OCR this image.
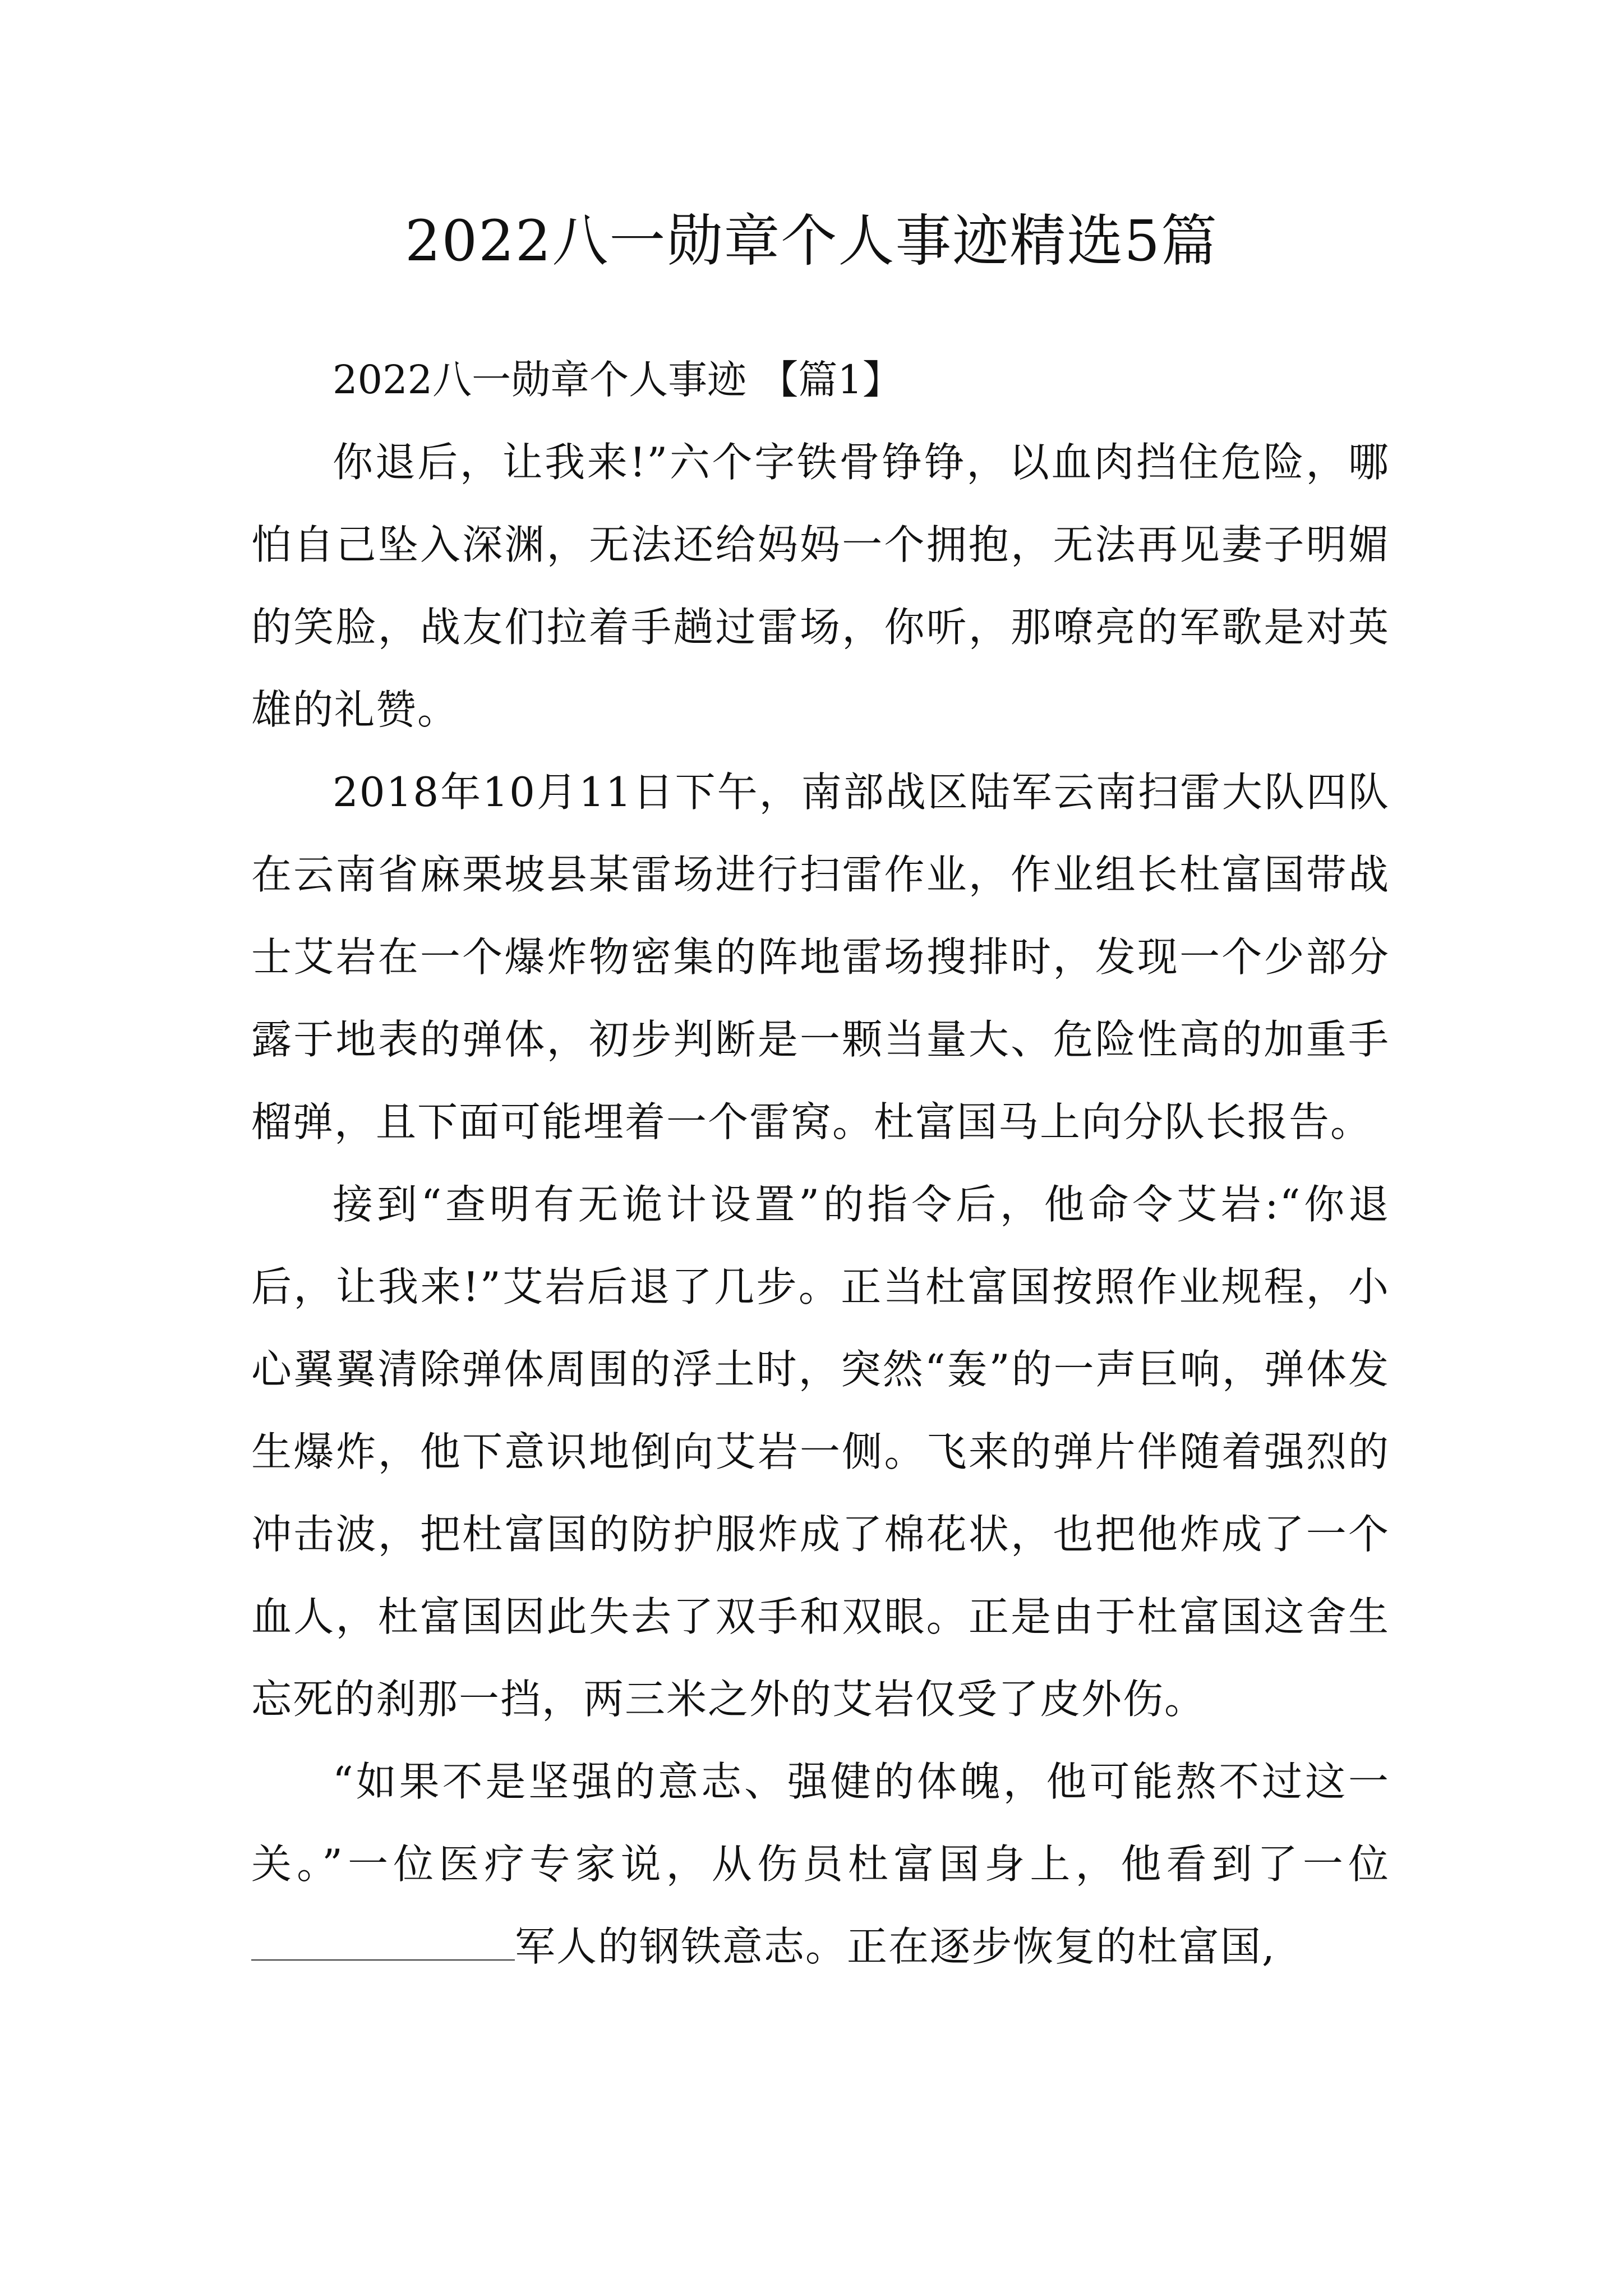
2022八一勋章个人事迹精选5篇
2022八一勋章个人事迹 【篇1】

你退后，让我来!”六个字铁骨铮铮，以血肉挡住危险，哪怕自己坠入深渊，无法还给妈妈一个拥抱，无法再见妻子明媚的笑脸，战友们拉着手趟过雷场，你听，那嘹亮的军歌是对英雄的礼赞。

2018年10月11日下午，南部战区陆军云南扫雷大队四队在云南省麻栗坡县某雷场进行扫雷作业，作业组长杜富国带战士艾岩在一个爆炸物密集的阵地雷场搜排时，发现一个少部分露于地表的弹体，初步判断是一颗当量大、危险性高的加重手榴弹，且下面可能埋着一个雷窝。杜富国马上向分队长报告。

接到“查明有无诡计设置”的指令后，他命令艾岩:“你退后，让我来!”艾岩后退了几步。正当杜富国按照作业规程，小心翼翼清除弹体周围的浮土时，突然“轰”的一声巨响，弹体发生爆炸，他下意识地倒向艾岩一侧。飞来的弹片伴随着强烈的冲击波，把杜富国的防护服炸成了棉花状，也把他炸成了一个血人，杜富国因此失去了双手和双眼。正是由于杜富国这舍生忘死的刹那一挡，两三米之外的艾岩仅受了皮外伤。

“如果不是坚强的意志、强健的体魄，他可能熬不过这一关。”一位医疗专家说，从伤员杜富国身上，他看到了一位军人的钢铁意志。正在逐步恢复的杜富国,
